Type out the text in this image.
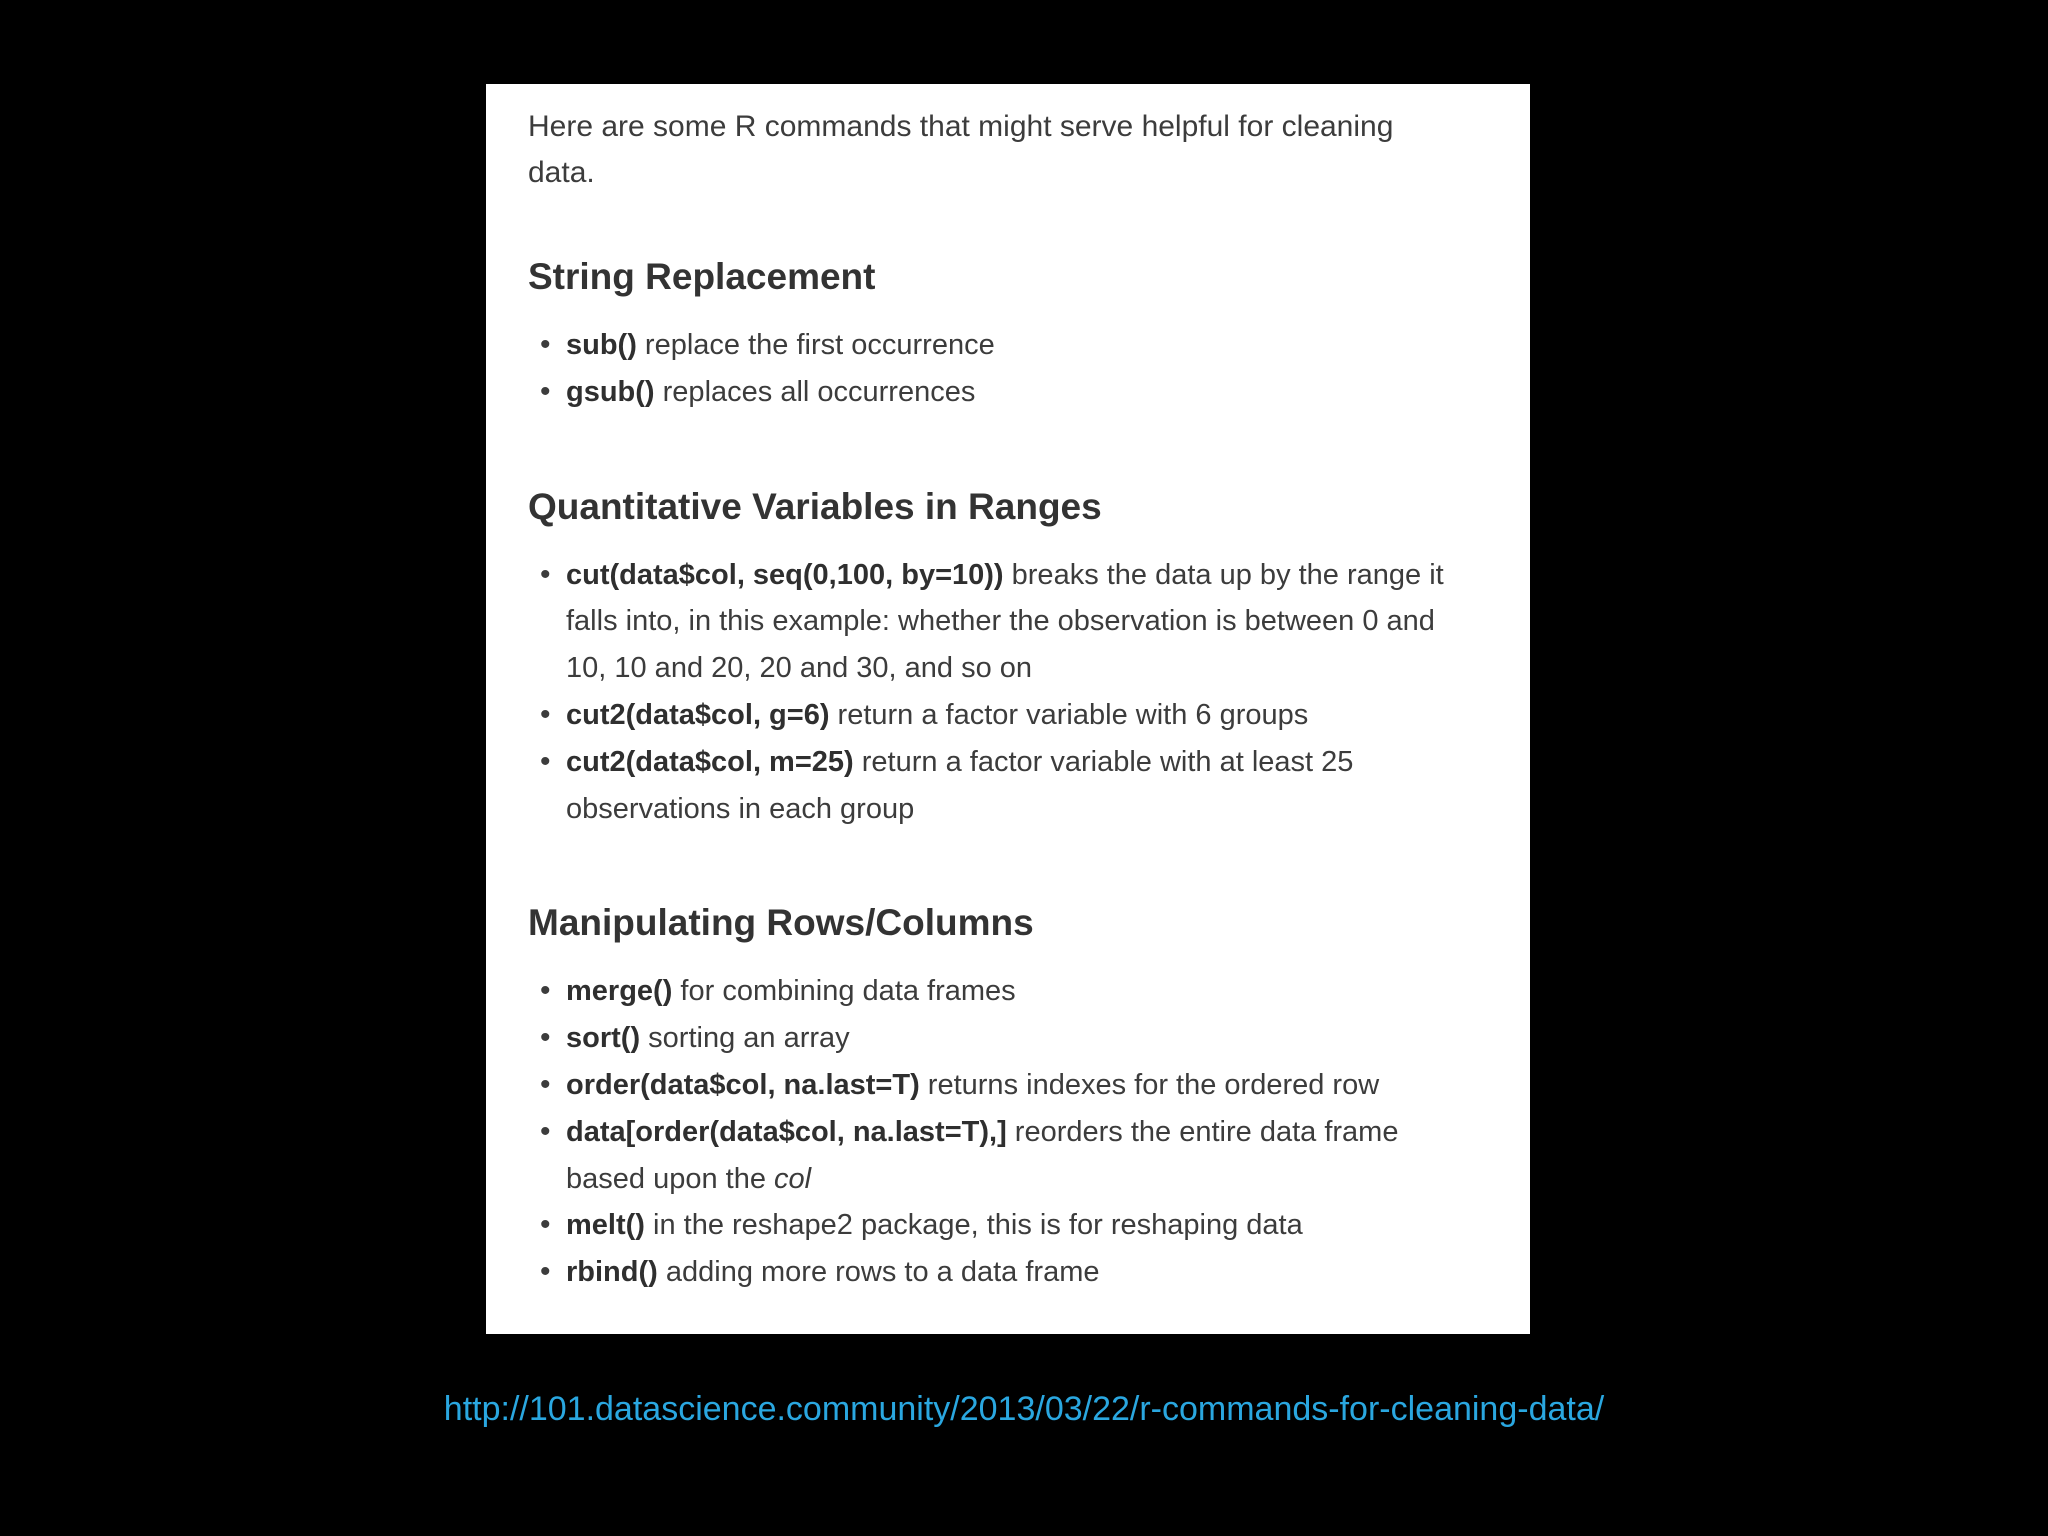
Here are some R commands that might serve helpful for cleaning data.

String Replacement
• sub() replace the first occurrence
• gsub() replaces all occurrences
Quantitative Variables in Ranges
• cut(data$col, seq(0,100, by=10)) breaks the data up by the range it falls into, in this example: whether the observation is between 0 and 10, 10 and 20, 20 and 30, and so on
• cut2(data$col, g=6) return a factor variable with 6 groups
• cut2(data$col, m=25) return a factor variable with at least 25 observations in each group
Manipulating Rows/Columns
• merge() for combining data frames
• sort() sorting an array
• order(data$col, na.last=T) returns indexes for the ordered row
• data[order(data$col, na.last=T),] reorders the entire data frame based upon the col
• melt() in the reshape2 package, this is for reshaping data
• rbind() adding more rows to a data frame
http://101.datascience.community/2013/03/22/r-commands-for-cleaning-data/
